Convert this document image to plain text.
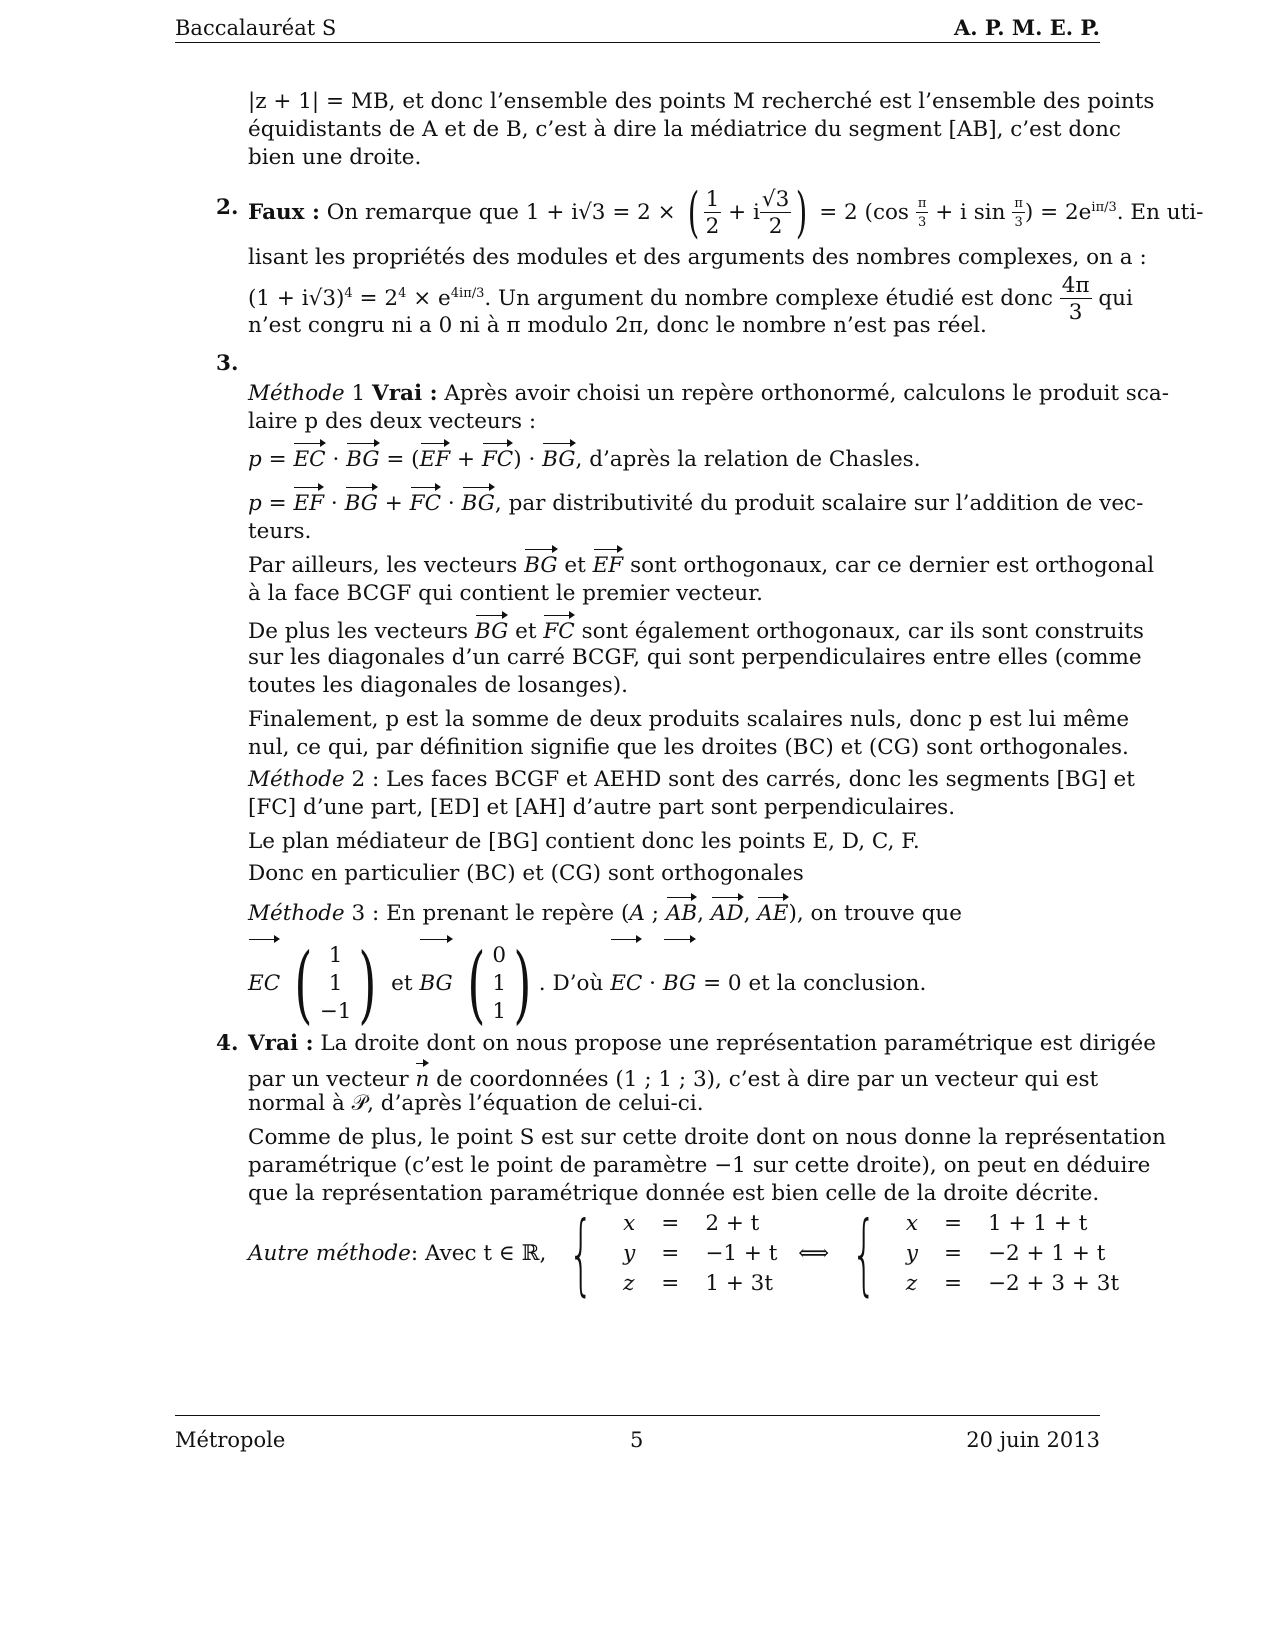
Baccalauréat S	A. P. M. E. P.
|z + 1| = MB, et donc l’ensemble des points M recherché est l’ensemble des points
équidistants de A et de B, c’est à dire la médiatrice du segment [AB], c’est donc
bien une droite.
2. Faux : On remarque que 1 + i√3 = 2 × ( $\frac{1}{2} + i \frac{√3}{2}$ ) = 2 ($\cos \frac{\pi}{3} + i$ $\sin \frac{\pi}{3}$ ) = $2e^{i\pi/3}$. En uti-
lisant les propriétés des modules et des arguments des nombres complexes, on a :
$(1 + i√3)^4 = 2^4 \times e^{4i\pi/3}$. Un argument du nombre complexe étudié est donc $\frac{4\pi}{3}$ qui
n’est congru ni a 0 ni à π modulo 2π, donc le nombre n’est pas réel.
3.
Méthode 1 Vrai : Après avoir choisi un repère orthonormé, calculons le produit sca-
laire p des deux vecteurs :
p = EC · BG = (EF + FC) · BG, d’après la relation de Chasles.
p = EF · BG + FC · BG, par distributivité du produit scalaire sur l’addition de vec-
teurs.
Par ailleurs, les vecteurs BG et EF sont orthogonaux, car ce dernier est orthogonal
à la face BCGF qui contient le premier vecteur.
De plus les vecteurs BG et FC sont également orthogonaux, car ils sont construits
sur les diagonales d’un carré BCGF, qui sont perpendiculaires entre elles (comme
toutes les diagonales de losanges).
Finalement, p est la somme de deux produits scalaires nuls, donc p est lui même
nul, ce qui, par définition signifie que les droites (BC) et (CG) sont orthogonales.
Méthode 2 : Les faces BCGF et AEHD sont des carrés, donc les segments [BG] et
[FC] d’une part, [ED] et [AH] d’autre part sont perpendiculaires.
Le plan médiateur de [BG] contient donc les points E, D, C, F.
Donc en particulier (BC) et (CG) sont orthogonales
Méthode 3 : En prenant le repère (A ; AB, AD, AE), on trouve que
EC ( 1
1
−1 ) et BG ( 0
1
1 ) . D’où EC · BG = 0 et la conclusion.
4. Vrai : La droite dont on nous propose une représentation paramétrique est dirigée
par un vecteur n de coordonnées (1 ; 1 ; 3), c’est à dire par un vecteur qui est
normal à 𝒫, d’après l’équation de celui-ci.
Comme de plus, le point S est sur cette droite dont on nous donne la représentation
paramétrique (c’est le point de paramètre −1 sur cette droite), on peut en déduire
que la représentation paramétrique donnée est bien celle de la droite décrite.
Autre méthode: Avec t ∈ ℝ, { x	=	2 + t
y	=	−1 + t
z	=	1 + 3t ⟺ { x	=	1 + 1 + t
y	=	−2 + 1 + t
z	=	−2 + 3 + 3t
Métropole	5	20 juin 2013
